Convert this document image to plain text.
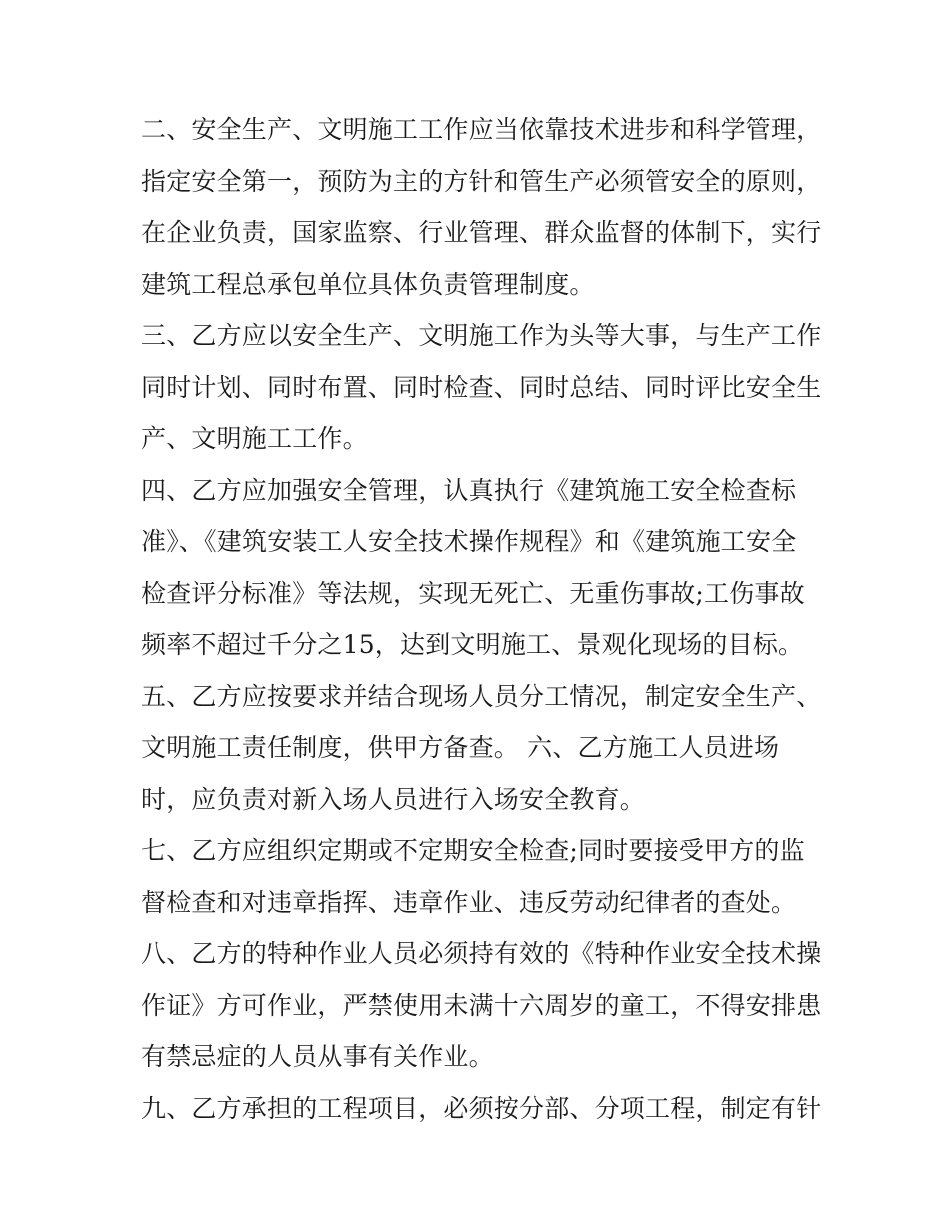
二、安全生产、文明施工工作应当依靠技术进步和科学管理，
指定安全第一，预防为主的方针和管生产必须管安全的原则，
在企业负责，国家监察、行业管理、群众监督的体制下，实行
建筑工程总承包单位具体负责管理制度。
三、乙方应以安全生产、文明施工作为头等大事，与生产工作
同时计划、同时布置、同时检查、同时总结、同时评比安全生
产、文明施工工作。
四、乙方应加强安全管理，认真执行《建筑施工安全检查标
准》、《建筑安装工人安全技术操作规程》和《建筑施工安全
检查评分标准》等法规，实现无死亡、无重伤事故;工伤事故
频率不超过千分之15，达到文明施工、景观化现场的目标。
五、乙方应按要求并结合现场人员分工情况，制定安全生产、
文明施工责任制度，供甲方备查。 六、乙方施工人员进场
时，应负责对新入场人员进行入场安全教育。
七、乙方应组织定期或不定期安全检查;同时要接受甲方的监
督检查和对违章指挥、违章作业、违反劳动纪律者的查处。
八、乙方的特种作业人员必须持有效的《特种作业安全技术操
作证》方可作业，严禁使用未满十六周岁的童工，不得安排患
有禁忌症的人员从事有关作业。
九、乙方承担的工程项目，必须按分部、分项工程，制定有针
